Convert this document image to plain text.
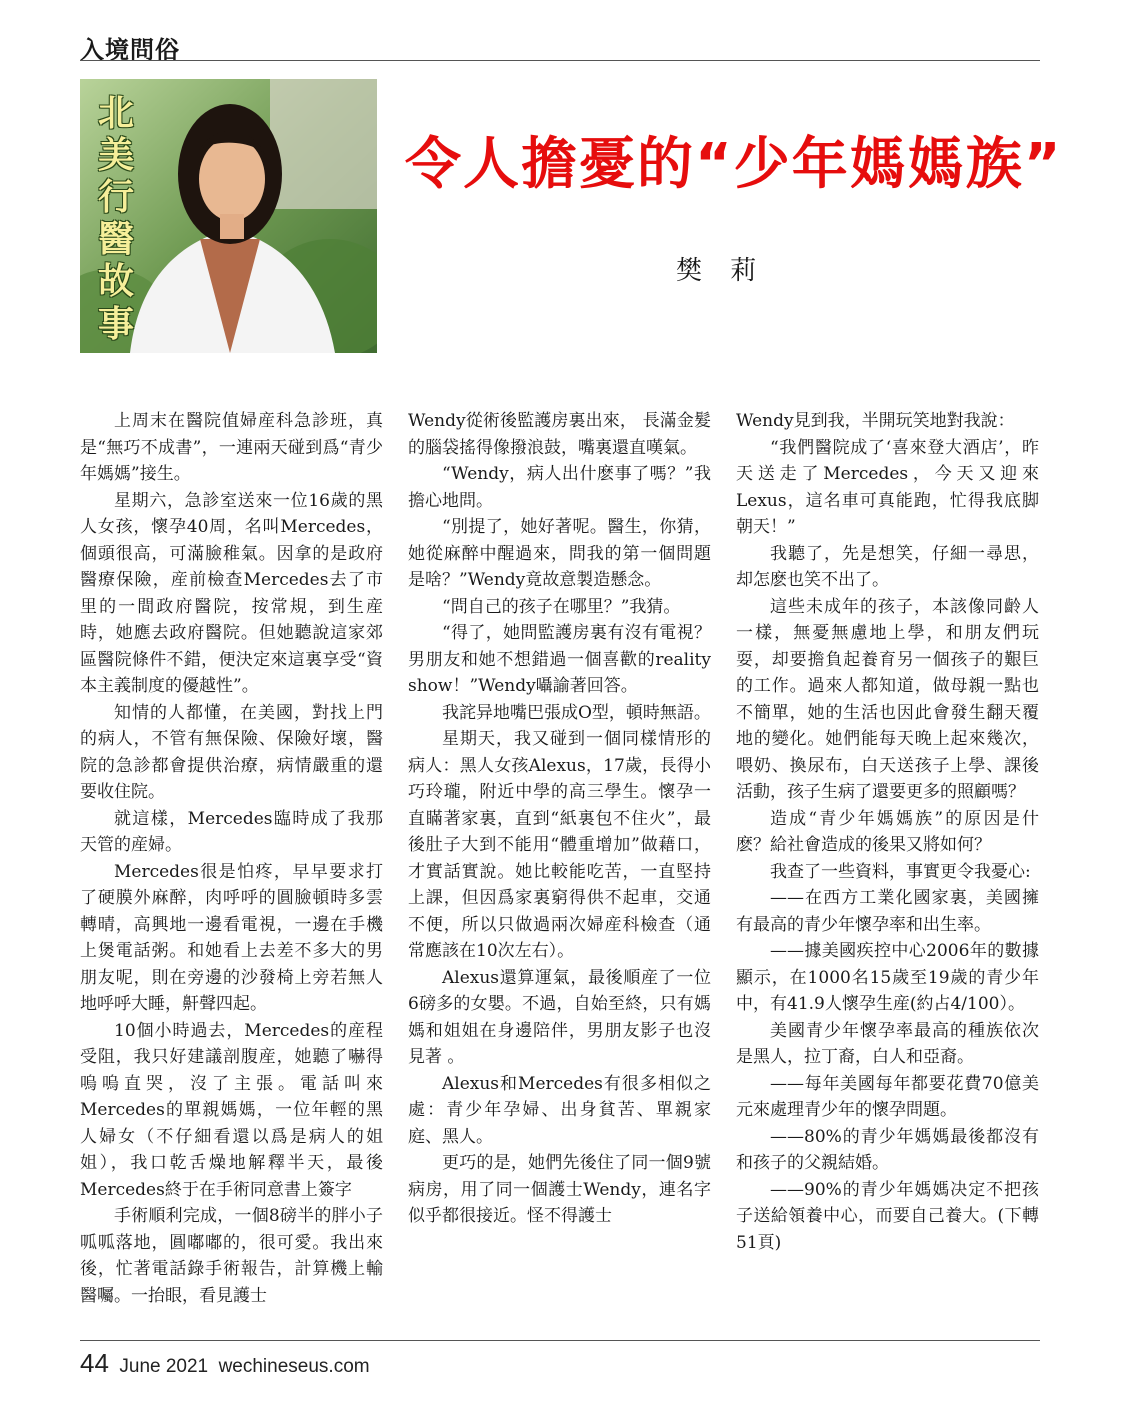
入境問俗
北
美
行
醫
故
事
令人擔憂的“少年媽媽族”
樊 莉

上周末在醫院值婦産科急診班，真是“無巧不成書”，一連兩天碰到爲“青少年媽媽”接生。

星期六，急診室送來一位16歲的黑人女孩，懷孕40周，名叫Mercedes，個頭很高，可滿臉稚氣。因拿的是政府醫療保險，産前檢查Mercedes去了市里的一間政府醫院，按常規，到生産時，她應去政府醫院。但她聽說這家郊區醫院條件不錯，便決定來這裏享受“資本主義制度的優越性”。

知情的人都懂，在美國，對找上門的病人，不管有無保險、保險好壞，醫院的急診都會提供治療，病情嚴重的還要收住院。

就這樣，Mercedes臨時成了我那天管的産婦。

Mercedes很是怕疼，早早要求打了硬膜外麻醉，肉呼呼的圓臉頓時多雲轉晴，高興地一邊看電視，一邊在手機上煲電話粥。和她看上去差不多大的男朋友呢，則在旁邊的沙發椅上旁若無人地呼呼大睡，鼾聲四起。

10個小時過去，Mercedes的産程受阻，我只好建議剖腹産，她聽了嚇得嗚嗚直哭，沒了主張。電話叫來Mercedes的單親媽媽，一位年輕的黑人婦女（不仔細看還以爲是病人的姐姐），我口乾舌燥地解釋半天，最後Mercedes終于在手術同意書上簽字

手術順利完成，一個8磅半的胖小子呱呱落地，圓嘟嘟的，很可愛。我出來後，忙著電話錄手術報告，計算機上輸醫囑。一抬眼，看見護士

Wendy從術後監護房裏出來， 長滿金髮的腦袋搖得像撥浪鼓，嘴裏還直嘆氣。

“Wendy，病人出什麽事了嗎？”我擔心地問。

“別提了，她好著呢。醫生，你猜，她從麻醉中醒過來，問我的第一個問題是啥？”Wendy竟故意製造懸念。

“問自己的孩子在哪里？”我猜。

“得了，她問監護房裏有沒有電視？男朋友和她不想錯過一個喜歡的reality show！”Wendy囁諭著回答。

我詫异地嘴巴張成O型，頓時無語。

星期天，我又碰到一個同樣情形的病人：黑人女孩Alexus，17歲，長得小巧玲瓏，附近中學的高三學生。懷孕一直瞞著家裏，直到“紙裏包不住火”，最後肚子大到不能用“體重增加”做藉口，才實話實說。她比較能吃苦，一直堅持上課，但因爲家裏窮得供不起車，交通不便，所以只做過兩次婦産科檢查（通常應該在10次左右）。

Alexus還算運氣，最後順産了一位6磅多的女嬰。不過，自始至終，只有媽媽和姐姐在身邊陪伴，男朋友影子也沒見著 。

Alexus和Mercedes有很多相似之處：青少年孕婦、出身貧苦、單親家庭、黑人。

更巧的是，她們先後住了同一個9號病房，用了同一個護士Wendy，連名字似乎都很接近。怪不得護士

Wendy見到我，半開玩笑地對我說：

“我們醫院成了‘喜來登大酒店’，昨天送走了Mercedes，今天又迎來Lexus，這名車可真能跑，忙得我底脚朝天！”

我聽了，先是想笑，仔細一尋思，却怎麽也笑不出了。

這些未成年的孩子，本該像同齡人一樣，無憂無慮地上學，和朋友們玩耍，却要擔負起養育另一個孩子的艱巨的工作。過來人都知道，做母親一點也不簡單，她的生活也因此會發生翻天覆地的變化。她們能每天晚上起來幾次，喂奶、換尿布，白天送孩子上學、課後活動，孩子生病了還要更多的照顧嗎？

造成“青少年媽媽族”的原因是什麽？給社會造成的後果又將如何？

我查了一些資料，事實更令我憂心:

——在西方工業化國家裏，美國擁有最高的青少年懷孕率和出生率。

——據美國疾控中心2006年的數據顯示，在1000名15歲至19歲的青少年中，有41.9人懷孕生産(約占4/100）。

美國青少年懷孕率最高的種族依次是黑人，拉丁裔，白人和亞裔。

——每年美國每年都要花費70億美元來處理青少年的懷孕問題。

——80%的青少年媽媽最後都沒有和孩子的父親結婚。

——90%的青少年媽媽决定不把孩子送給領養中心，而要自己養大。(下轉51頁)

44 June 2021 wechineseus.com
